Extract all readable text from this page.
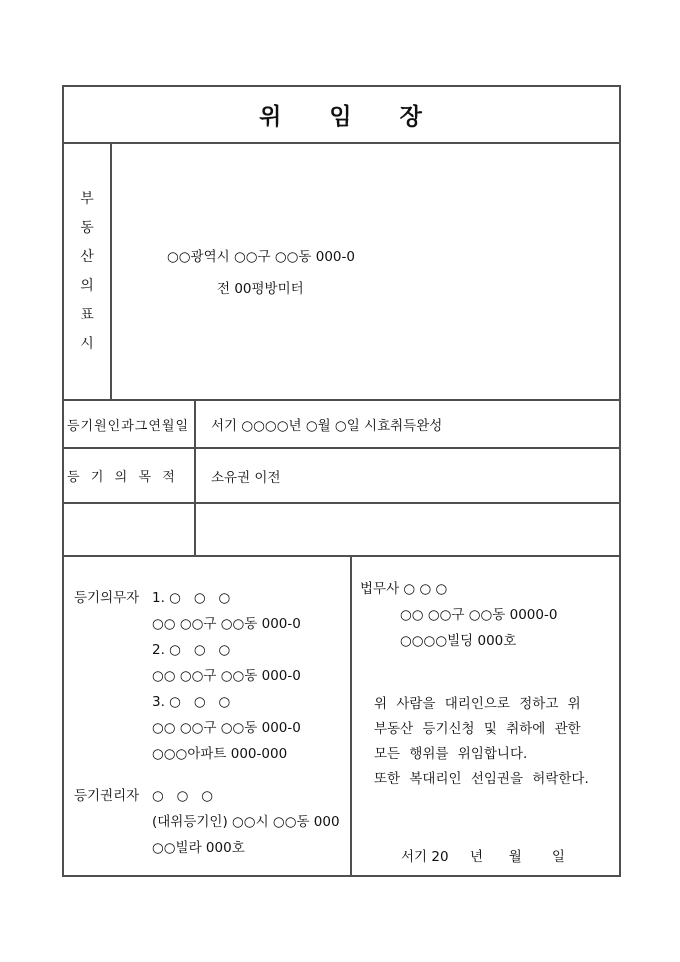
위 임 장
부
동
산
의
표
시
○○광역시 ○○구 ○○동 000-0
전 00평방미터
등기원인과그연월일	서기 ○○○○년 ○월 ○일 시효취득완성
등  기  의  목  적	소유권 이전
등기의무자 1. ○   ○   ○
○○ ○○구 ○○동 000-0
2. ○   ○   ○
○○ ○○구 ○○동 000-0
3. ○   ○   ○
○○ ○○구 ○○동 000-0
○○○아파트 000-000
등기권리자 ○   ○   ○
(대위등기인) ○○시 ○○동 000
○○빌라 000호
법무사 ○ ○ ○
○○ ○○구 ○○동 0000-0
○○○○빌딩 000호
위 사람을 대리인으로 정하고 위
부동산 등기신청 및 취하에 관한
모든 행위를 위임합니다.
또한 복대리인 선임권을 허락한다.
서기 20     년      월       일
